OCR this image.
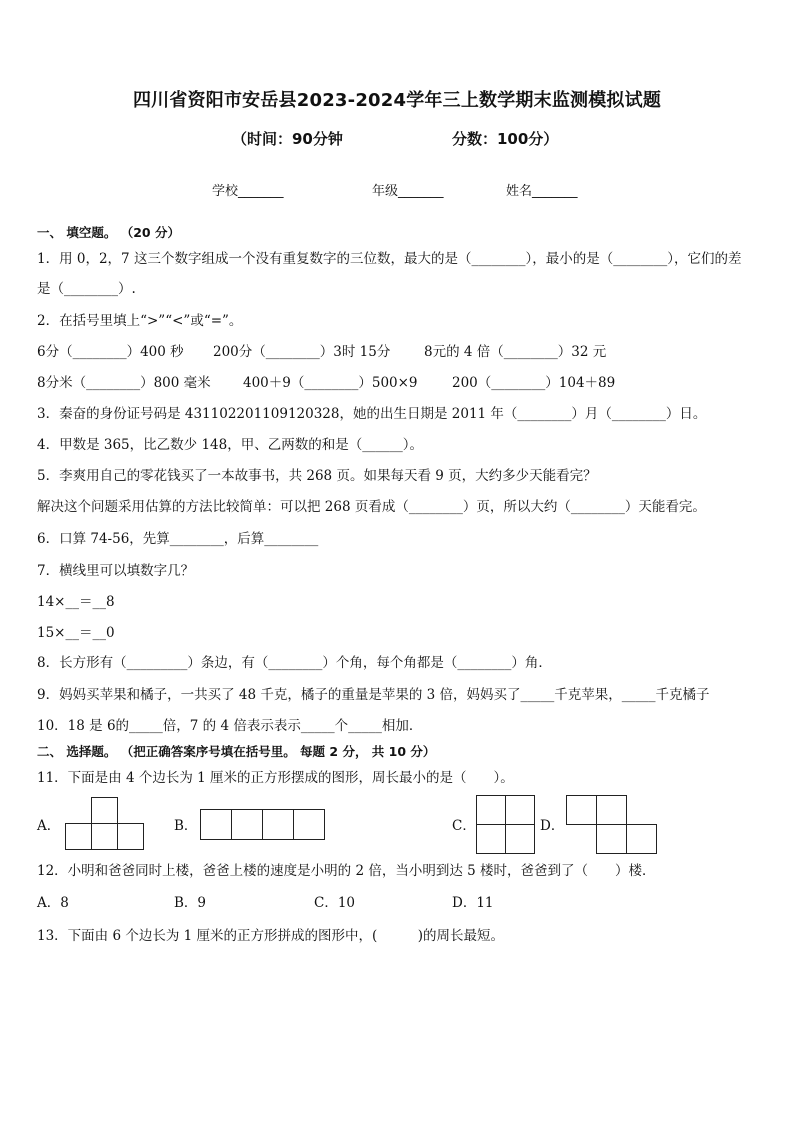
四川省资阳市安岳县2023-2024学年三上数学期末监测模拟试题
（时间：90分钟	分数：100分）
学校_______	年级_______	姓名_______
一、 填空题。 （20 分）
1．用 0，2，7 这三个数字组成一个没有重复数字的三位数，最大的是（________），最小的是（________），它们的差
是（________）.
2．在括号里填上“>”“<”或“=”。
6分（________）400 秒 200分（________）3时 15分 8元的 4 倍（________）32 元
8分米（________）800 毫米 400＋9（________）500×9	200（________）104＋89
3．秦奋的身份证号码是 431102201109120328，她的出生日期是 2011 年（________）月（________）日。
4．甲数是 365，比乙数少 148，甲、乙两数的和是（______）。
5．李爽用自己的零花钱买了一本故事书，共 268 页。如果每天看 9 页，大约多少天能看完？
解决这个问题采用估算的方法比较简单：可以把 268 页看成（________）页，所以大约（________）天能看完。
6．口算 74-56，先算________，后算________
7．横线里可以填数字几？
14×__＝__8
15×__＝__0
8．长方形有（_________）条边，有（________）个角，每个角都是（________）角．
9．妈妈买苹果和橘子，一共买了 48 千克，橘子的重量是苹果的 3 倍，妈妈买了_____千克苹果，_____千克橘子
10．18 是 6的_____倍，7 的 4 倍表示表示_____个_____相加．
二、 选择题。 （把正确答案序号填在括号里。 每题 2 分， 共 10 分）
11．下面是由 4 个边长为 1 厘米的正方形摆成的图形，周长最小的是（　　）。
A．	B．	C．	D．
12．小明和爸爸同时上楼，爸爸上楼的速度是小明的 2 倍，当小明到达 5 楼时，爸爸到了（　　）楼．
A．8	B．9	C．10	D．11
13．下面由 6 个边长为 1 厘米的正方形拼成的图形中，(　　　)的周长最短。
